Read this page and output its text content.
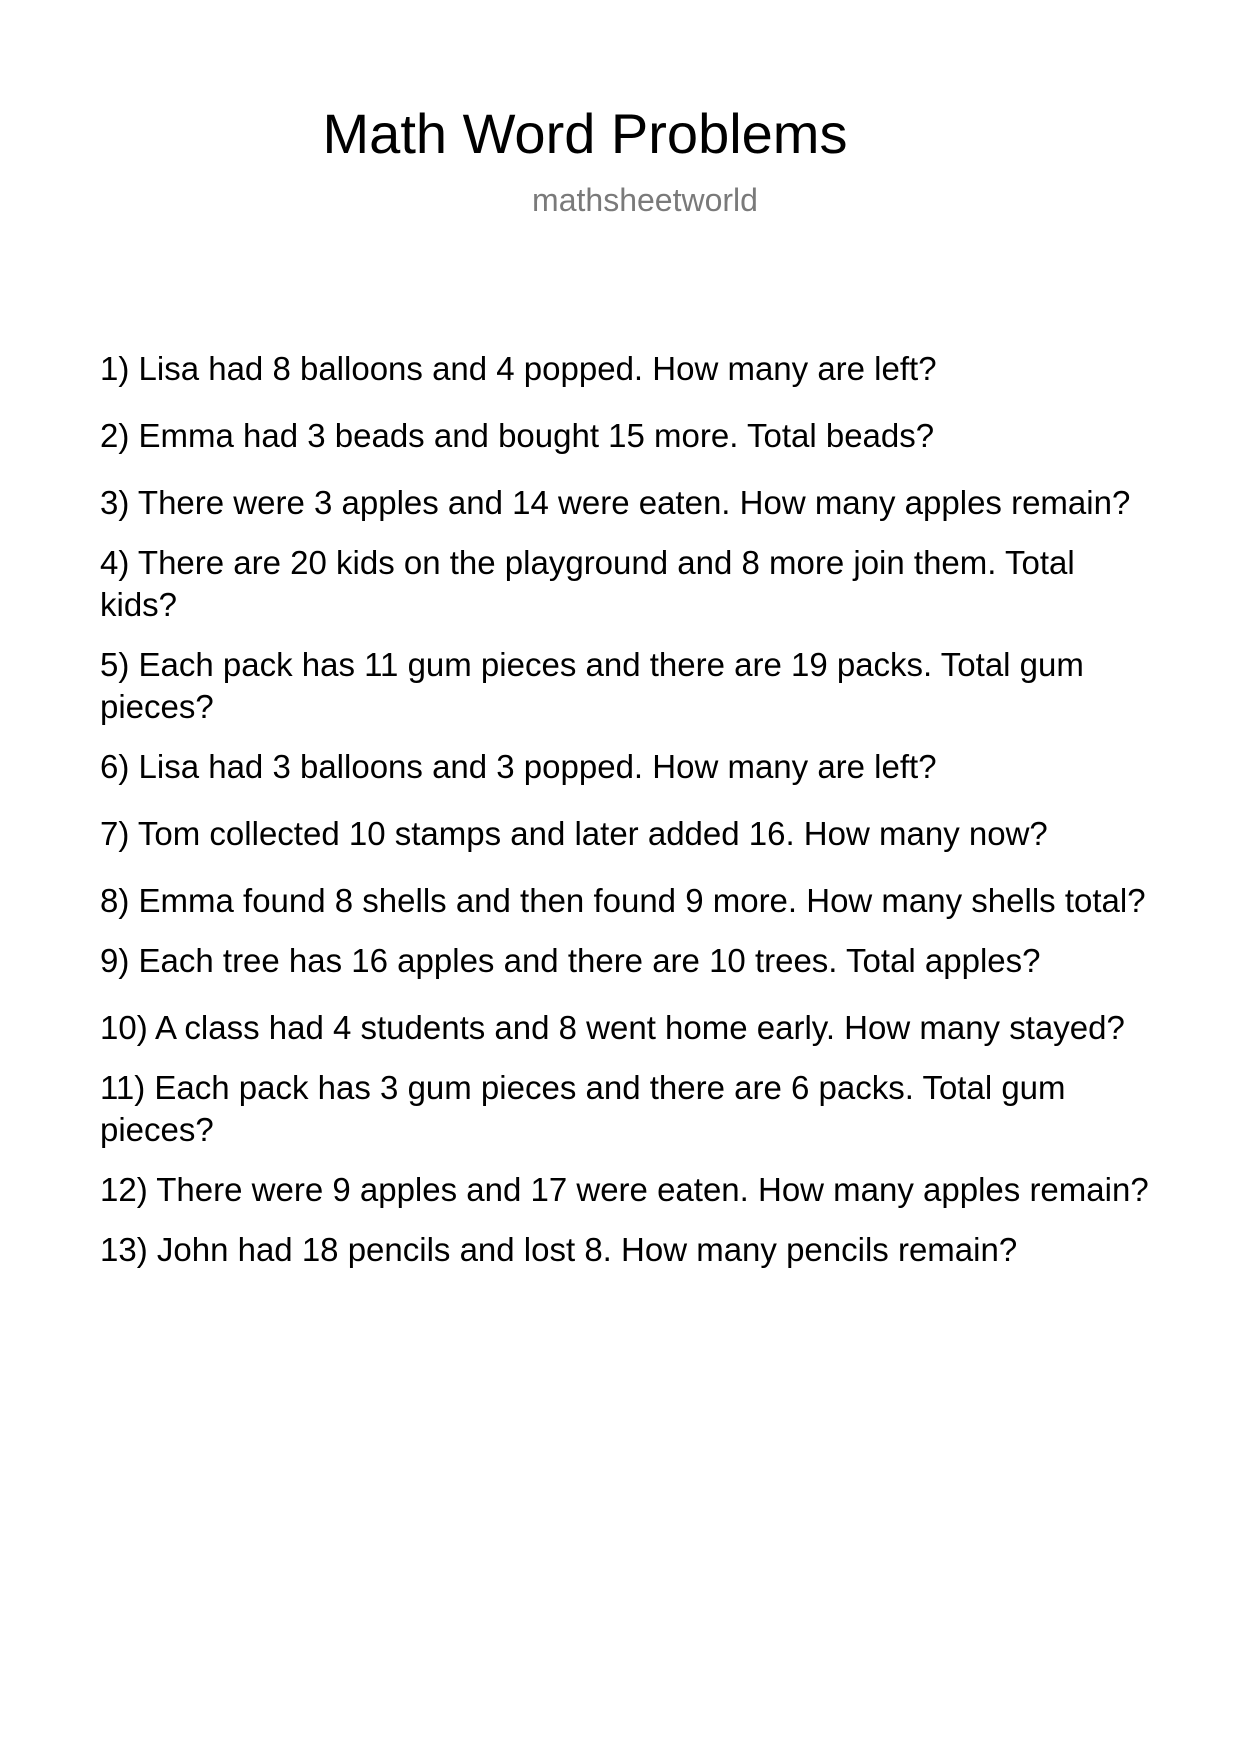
Math Word Problems
mathsheetworld
1) Lisa had 8 balloons and 4 popped. How many are left?
2) Emma had 3 beads and bought 15 more. Total beads?
3) There were 3 apples and 14 were eaten. How many apples remain?
4) There are 20 kids on the playground and 8 more join them. Total kids?
5) Each pack has 11 gum pieces and there are 19 packs. Total gum pieces?
6) Lisa had 3 balloons and 3 popped. How many are left?
7) Tom collected 10 stamps and later added 16. How many now?
8) Emma found 8 shells and then found 9 more. How many shells total?
9) Each tree has 16 apples and there are 10 trees. Total apples?
10) A class had 4 students and 8 went home early. How many stayed?
11) Each pack has 3 gum pieces and there are 6 packs. Total gum pieces?
12) There were 9 apples and 17 were eaten. How many apples remain?
13) John had 18 pencils and lost 8. How many pencils remain?
